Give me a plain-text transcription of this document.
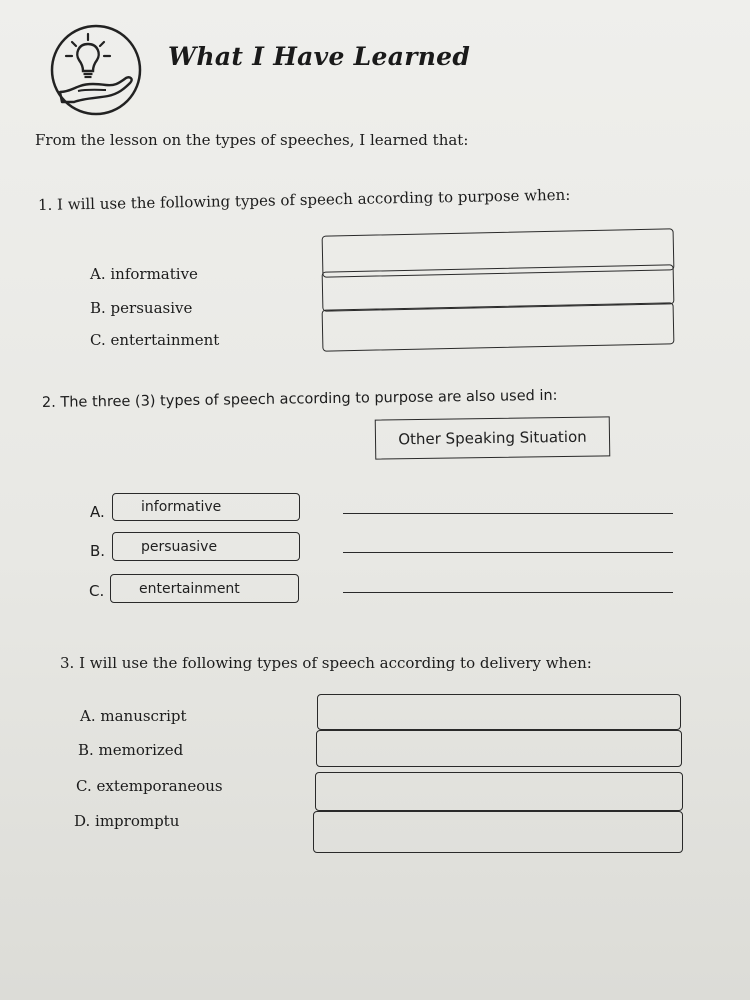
What I Have Learned
From the lesson on the types of speeches, I learned that:
1. I will use the following types of speech according to purpose when:
A. informative
B. persuasive
C. entertainment
2. The three (3) types of speech according to purpose are also used in:
Other Speaking Situation
A.	informative
B.	persuasive
C.	entertainment
3. I will use the following types of speech according to delivery when:
A. manuscript
B. memorized
C. extemporaneous
D. impromptu
